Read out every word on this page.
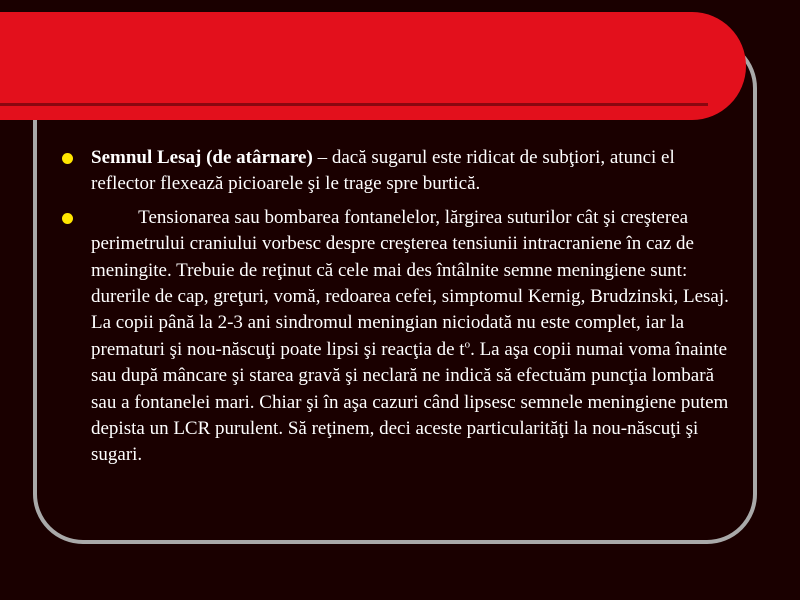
Semnul Lesaj (de atârnare) – dacă sugarul este ridicat de subţiori, atunci el reflector flexează picioarele şi le trage spre burtică.
Tensionarea sau bombarea fontanelelor, lărgirea suturilor cât şi creşterea perimetrului craniului vorbesc despre creşterea tensiunii intracraniene în caz de meningite. Trebuie de reţinut că cele mai des întâlnite semne meningiene sunt: durerile de cap, greţuri, vomă, redoarea cefei, simptomul Kernig, Brudzinski, Lesaj. La copii până la 2-3 ani sindromul meningian niciodată nu este complet, iar la prematuri şi nou-născuţi poate lipsi şi reacţia de $t^o$. La aşa copii numai voma înainte sau după mâncare şi starea gravă şi neclară ne indică să efectuăm puncţia lombară sau a fontanelei mari. Chiar şi în aşa cazuri când lipsesc semnele meningiene putem depista un LCR purulent. Să reţinem, deci aceste particularităţi la nou-născuţi şi sugari.
